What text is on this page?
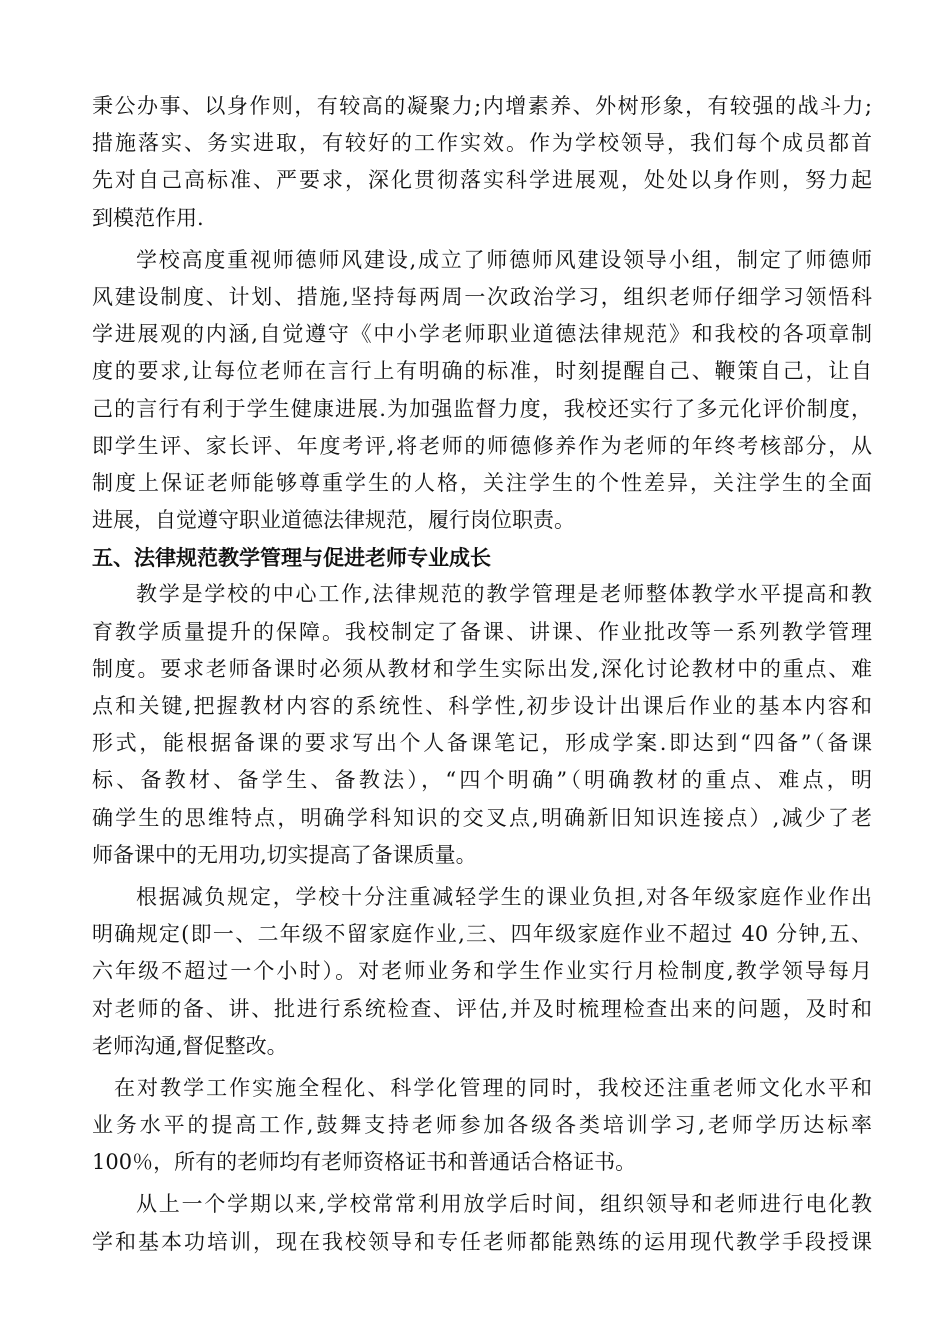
秉公办事、以身作则，有较高的凝聚力;内增素养、外树形象，有较强的战斗力;
措施落实、务实进取，有较好的工作实效。作为学校领导，我们每个成员都首
先对自己高标准、严要求，深化贯彻落实科学进展观，处处以身作则，努力起
到模范作用.
学校高度重视师德师风建设,成立了师德师风建设领导小组，制定了师德师
风建设制度、计划、措施,坚持每两周一次政治学习，组织老师仔细学习领悟科
学进展观的内涵,自觉遵守《中小学老师职业道德法律规范》和我校的各项章制
度的要求,让每位老师在言行上有明确的标准，时刻提醒自己、鞭策自己，让自
己的言行有利于学生健康进展.为加强监督力度，我校还实行了多元化评价制度，
即学生评、家长评、年度考评,将老师的师德修养作为老师的年终考核部分，从
制度上保证老师能够尊重学生的人格，关注学生的个性差异，关注学生的全面
进展，自觉遵守职业道德法律规范，履行岗位职责。
五、法律规范教学管理与促进老师专业成长
教学是学校的中心工作,法律规范的教学管理是老师整体教学水平提高和教
育教学质量提升的保障。我校制定了备课、讲课、作业批改等一系列教学管理
制度。要求老师备课时必须从教材和学生实际出发,深化讨论教材中的重点、难
点和关键,把握教材内容的系统性、科学性,初步设计出课后作业的基本内容和
形式，能根据备课的要求写出个人备课笔记，形成学案.即达到“四备”（备课
标、备教材、备学生、备教法），“四个明确”（明确教材的重点、难点，明
确学生的思维特点，明确学科知识的交叉点,明确新旧知识连接点）,减少了老
师备课中的无用功,切实提高了备课质量。
根据减负规定，学校十分注重减轻学生的课业负担,对各年级家庭作业作出
明确规定(即一、二年级不留家庭作业,三、四年级家庭作业不超过 40 分钟,五、
六年级不超过一个小时）。对老师业务和学生作业实行月检制度,教学领导每月
对老师的备、讲、批进行系统检查、评估,并及时梳理检查出来的问题，及时和
老师沟通,督促整改。
在对教学工作实施全程化、科学化管理的同时，我校还注重老师文化水平和
业务水平的提高工作,鼓舞支持老师参加各级各类培训学习,老师学历达标率
100％，所有的老师均有老师资格证书和普通话合格证书。
从上一个学期以来,学校常常利用放学后时间，组织领导和老师进行电化教
学和基本功培训，现在我校领导和专任老师都能熟练的运用现代教学手段授课
